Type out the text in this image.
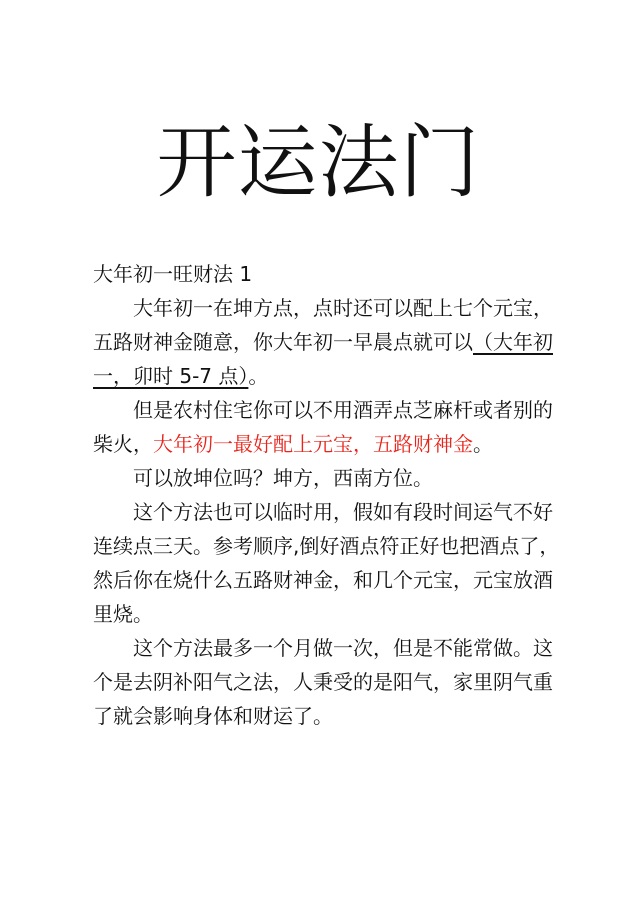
开运法门

大年初一旺财法 1

大年初一在坤方点，点时还可以配上七个元宝，五路财神金随意，你大年初一早晨点就可以（大年初一，卯时 5-7 点）。

但是农村住宅你可以不用酒弄点芝麻杆或者别的柴火，大年初一最好配上元宝，五路财神金。

可以放坤位吗？坤方，西南方位。

这个方法也可以临时用，假如有段时间运气不好连续点三天。参考顺序,倒好酒点符正好也把酒点了，然后你在烧什么五路财神金，和几个元宝，元宝放酒里烧。

这个方法最多一个月做一次，但是不能常做。这个是去阴补阳气之法，人秉受的是阳气，家里阴气重了就会影响身体和财运了。
